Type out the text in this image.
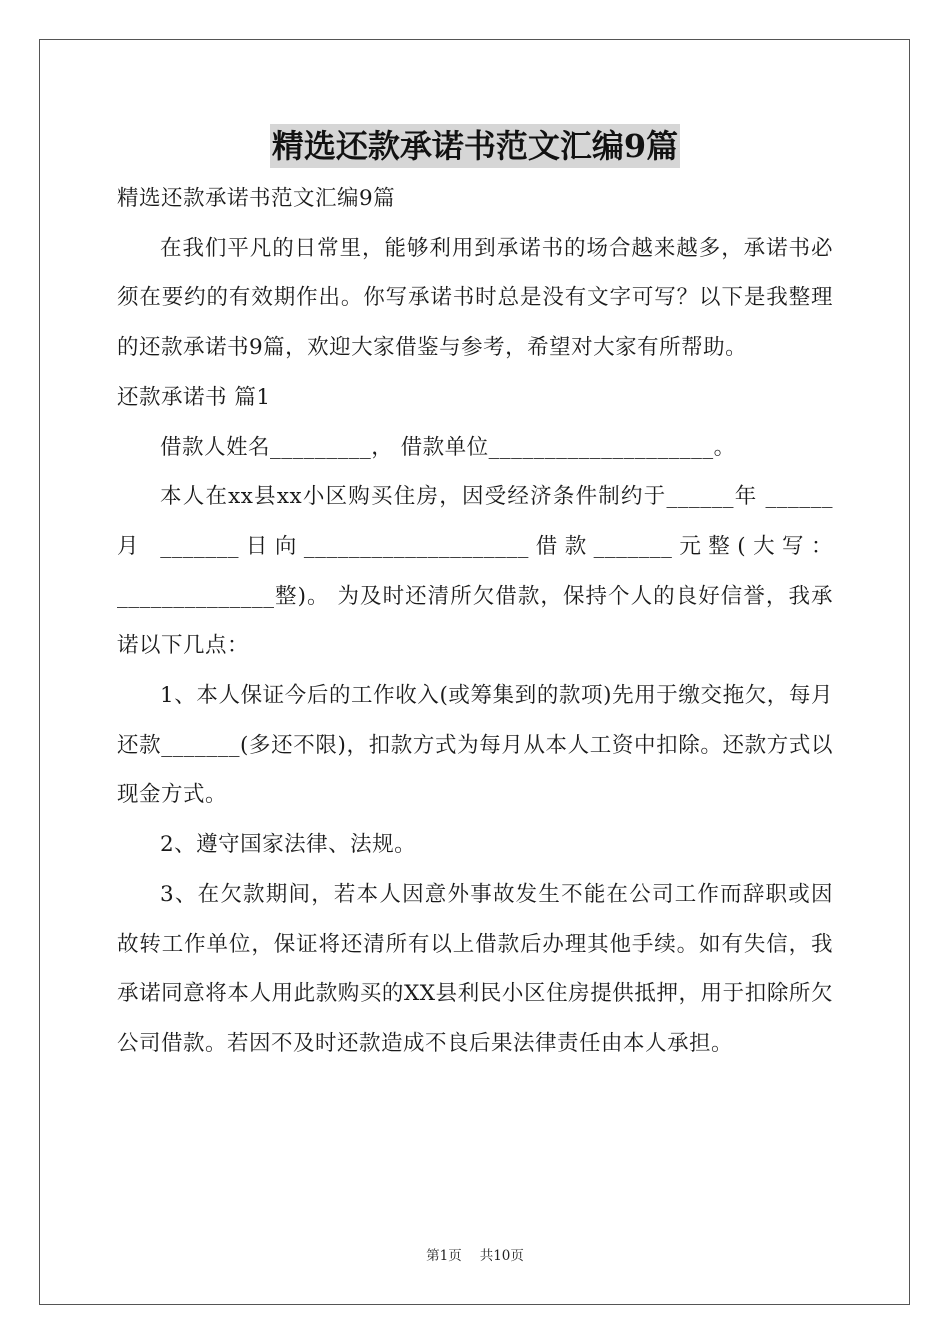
精选还款承诺书范文汇编9篇

精选还款承诺书范文汇编9篇

在我们平凡的日常里，能够利用到承诺书的场合越来越多，承诺书必须在要约的有效期作出。你写承诺书时总是没有文字可写？以下是我整理的还款承诺书9篇，欢迎大家借鉴与参考，希望对大家有所帮助。

还款承诺书 篇1

借款人姓名_________， 借款单位____________________。

本人在xx县xx小区购买住房，因受经济条件制约于______年 ______月 _______日向____________________借款_______元整(大写：______________整)。 为及时还清所欠借款，保持个人的良好信誉，我承诺以下几点：

1、本人保证今后的工作收入(或筹集到的款项)先用于缴交拖欠，每月还款_______(多还不限)，扣款方式为每月从本人工资中扣除。还款方式以现金方式。

2、遵守国家法律、法规。

3、在欠款期间，若本人因意外事故发生不能在公司工作而辞职或因故转工作单位，保证将还清所有以上借款后办理其他手续。如有失信，我承诺同意将本人用此款购买的XX县利民小区住房提供抵押，用于扣除所欠公司借款。若因不及时还款造成不良后果法律责任由本人承担。

第1页 共10页
